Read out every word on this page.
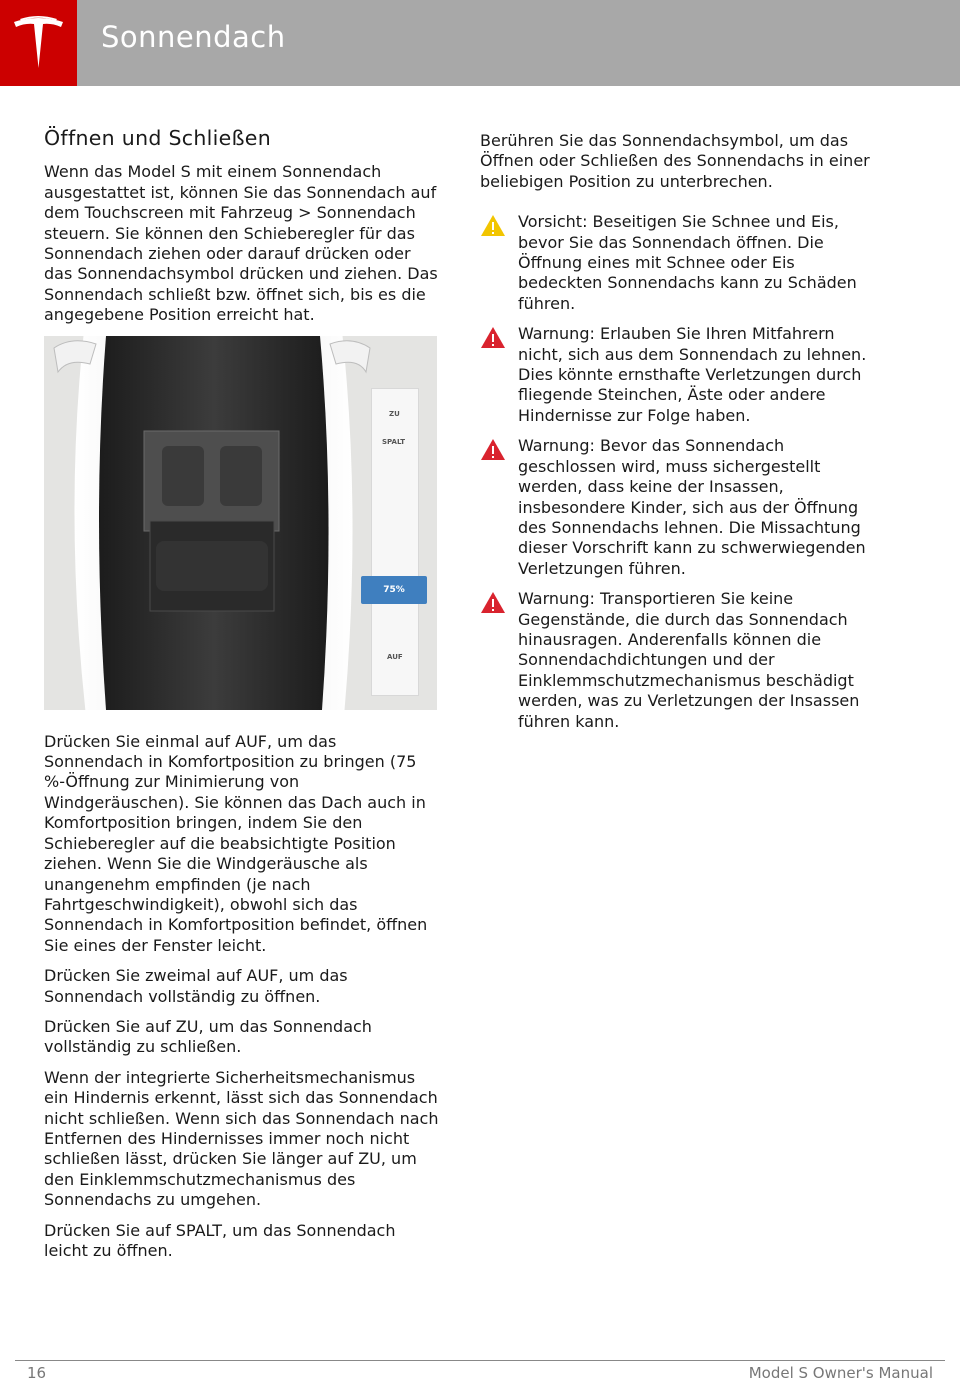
Sonnendach
Öffnen und Schließen

Wenn das Model S mit einem Sonnendach ausgestattet ist, können Sie das Sonnendach auf dem Touchscreen mit Fahrzeug > Sonnendach steuern. Sie können den Schieberegler für das Sonnendach ziehen oder darauf drücken oder das Sonnendachsymbol drücken und ziehen. Das Sonnendach schließt bzw. öffnet sich, bis es die angegebene Position erreicht hat.

ZU
SPALT
75%
AUF

Drücken Sie einmal auf AUF, um das Sonnendach in Komfortposition zu bringen (75 %-Öffnung zur Minimierung von Windgeräuschen). Sie können das Dach auch in Komfortposition bringen, indem Sie den Schieberegler auf die beabsichtigte Position ziehen. Wenn Sie die Windgeräusche als unangenehm empfinden (je nach Fahrtgeschwindigkeit), obwohl sich das Sonnendach in Komfortposition befindet, öffnen Sie eines der Fenster leicht.

Drücken Sie zweimal auf AUF, um das Sonnendach vollständig zu öffnen.

Drücken Sie auf ZU, um das Sonnendach vollständig zu schließen.

Wenn der integrierte Sicherheitsmechanismus ein Hindernis erkennt, lässt sich das Sonnendach nicht schließen. Wenn sich das Sonnendach nach Entfernen des Hindernisses immer noch nicht schließen lässt, drücken Sie länger auf ZU, um den Einklemmschutzmechanismus des Sonnendachs zu umgehen.

Drücken Sie auf SPALT, um das Sonnendach leicht zu öffnen.

Berühren Sie das Sonnendachsymbol, um das Öffnen oder Schließen des Sonnendachs in einer beliebigen Position zu unterbrechen.

Vorsicht: Beseitigen Sie Schnee und Eis, bevor Sie das Sonnendach öffnen. Die Öffnung eines mit Schnee oder Eis bedeckten Sonnendachs kann zu Schäden führen.
Warnung: Erlauben Sie Ihren Mitfahrern nicht, sich aus dem Sonnendach zu lehnen. Dies könnte ernsthafte Verletzungen durch fliegende Steinchen, Äste oder andere Hindernisse zur Folge haben.
Warnung: Bevor das Sonnendach geschlossen wird, muss sichergestellt werden, dass keine der Insassen, insbesondere Kinder, sich aus der Öffnung des Sonnendachs lehnen. Die Missachtung dieser Vorschrift kann zu schwerwiegenden Verletzungen führen.
Warnung: Transportieren Sie keine Gegenstände, die durch das Sonnendach hinausragen. Anderenfalls können die Sonnendachdichtungen und der Einklemmschutzmechanismus beschädigt werden, was zu Verletzungen der Insassen führen kann.
16	Model S Owner's Manual
